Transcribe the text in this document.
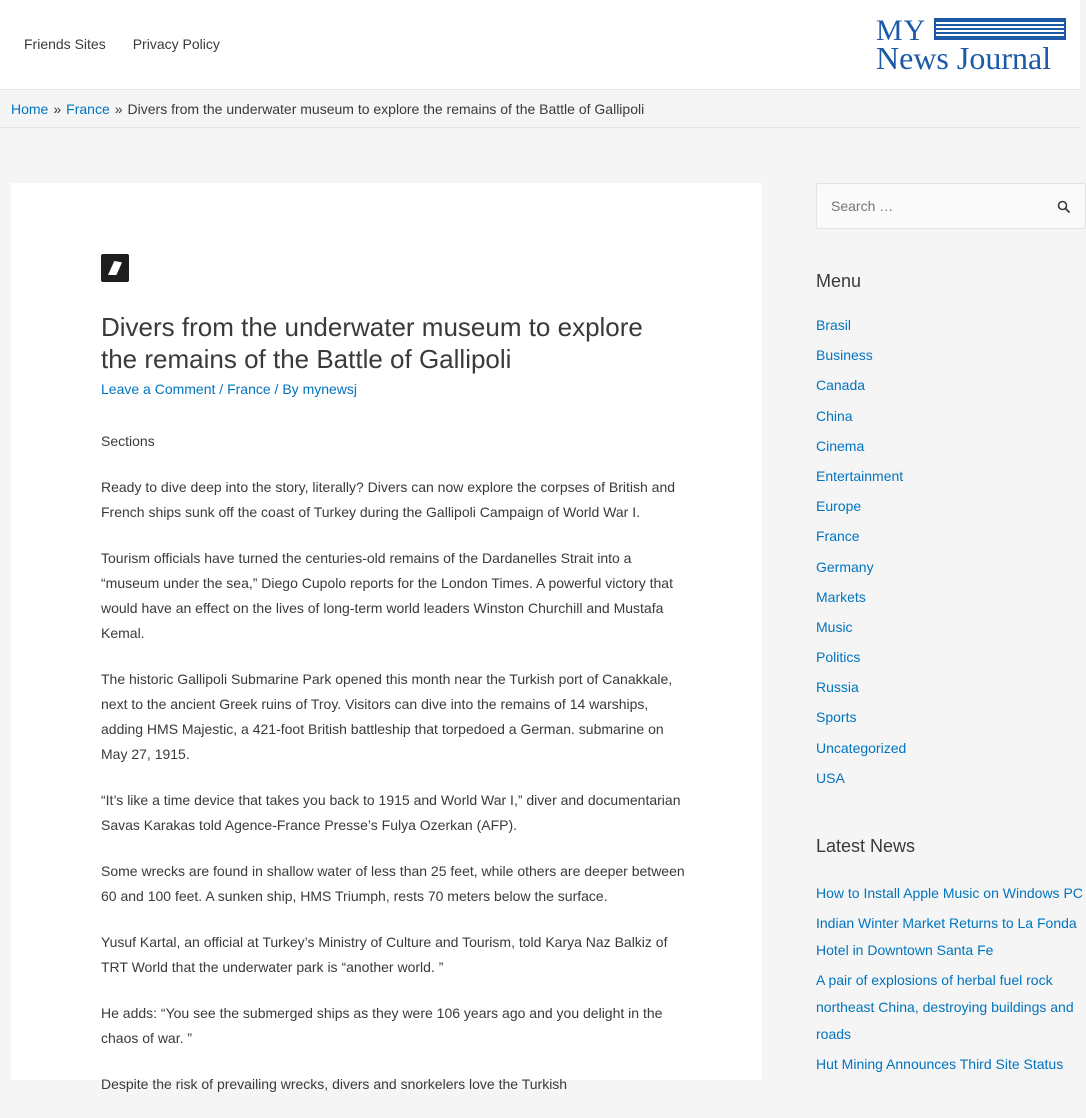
Friends Sites Privacy Policy	MY
News Journal
Home » France » Divers from the underwater museum to explore the remains of the Battle of Gallipoli
Divers from the underwater museum to explore the remains of the Battle of Gallipoli
Leave a Comment / France / By mynewsj

Sections

Ready to dive deep into the story, literally? Divers can now explore the corpses of British and French ships sunk off the coast of Turkey during the Gallipoli Campaign of World War I.

Tourism officials have turned the centuries-old remains of the Dardanelles Strait into a “museum under the sea,” Diego Cupolo reports for the London Times. A powerful victory that would have an effect on the lives of long-term world leaders Winston Churchill and Mustafa Kemal.

The historic Gallipoli Submarine Park opened this month near the Turkish port of Canakkale, next to the ancient Greek ruins of Troy. Visitors can dive into the remains of 14 warships, adding HMS Majestic, a 421-foot British battleship that torpedoed a German. submarine on May 27, 1915.

“It’s like a time device that takes you back to 1915 and World War I,” diver and documentarian Savas Karakas told Agence-France Presse’s Fulya Ozerkan (AFP).

Some wrecks are found in shallow water of less than 25 feet, while others are deeper between 60 and 100 feet. A sunken ship, HMS Triumph, rests 70 meters below the surface.

Yusuf Kartal, an official at Turkey’s Ministry of Culture and Tourism, told Karya Naz Balkiz of TRT World that the underwater park is “another world. ”

He adds: “You see the submerged ships as they were 106 years ago and you delight in the chaos of war. ”

Despite the risk of prevailing wrecks, divers and snorkelers love the Turkish

Search …
Menu
Brasil
Business
Canada
China
Cinema
Entertainment
Europe
France
Germany
Markets
Music
Politics
Russia
Sports
Uncategorized
USA
Latest News
How to Install Apple Music on Windows PC
Indian Winter Market Returns to La Fonda Hotel in Downtown Santa Fe
A pair of explosions of herbal fuel rock northeast China, destroying buildings and roads
Hut Mining Announces Third Site Status
